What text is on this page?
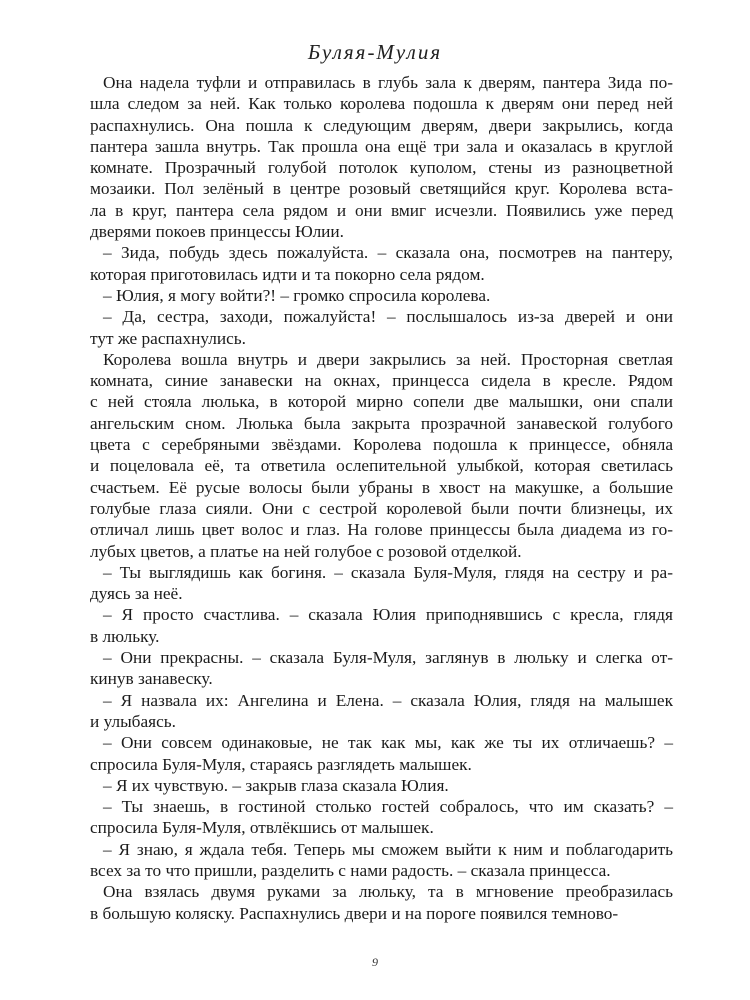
Буляя-Мулия

Она надела туфли и отправилась в глубь зала к дверям, пантера Зида по-
шла следом за ней. Как только королева подошла к дверям они перед ней
распахнулись. Она пошла к следующим дверям, двери закрылись, когда
пантера зашла внутрь. Так прошла она ещё три зала и оказалась в круглой
комнате. Прозрачный голубой потолок куполом, стены из разноцветной
мозаики. Пол зелёный в центре розовый светящийся круг. Королева вста-
ла в круг, пантера села рядом и они вмиг исчезли. Появились уже перед
дверями покоев принцессы Юлии.

– Зида, побудь здесь пожалуйста. – сказала она, посмотрев на пантеру,
которая приготовилась идти и та покорно села рядом.

– Юлия, я могу войти?! – громко спросила королева.

– Да, сестра, заходи, пожалуйста! – послышалось из-за дверей и они
тут же распахнулись.

Королева вошла внутрь и двери закрылись за ней. Просторная светлая
комната, синие занавески на окнах, принцесса сидела в кресле. Рядом
с ней стояла люлька, в которой мирно сопели две малышки, они спали
ангельским сном. Люлька была закрыта прозрачной занавеской голубого
цвета с серебряными звёздами. Королева подошла к принцессе, обняла
и поцеловала её, та ответила ослепительной улыбкой, которая светилась
счастьем. Её русые волосы были убраны в хвост на макушке, а большие
голубые глаза сияли. Они с сестрой королевой были почти близнецы, их
отличал лишь цвет волос и глаз. На голове принцессы была диадема из го-
лубых цветов, а платье на ней голубое с розовой отделкой.

– Ты выглядишь как богиня. – сказала Буля-Муля, глядя на сестру и ра-
дуясь за неё.

– Я просто счастлива. – сказала Юлия приподнявшись с кресла, глядя
в люльку.

– Они прекрасны. – сказала Буля-Муля, заглянув в люльку и слегка от-
кинув занавеску.

– Я назвала их: Ангелина и Елена. – сказала Юлия, глядя на малышек
и улыбаясь.

– Они совсем одинаковые, не так как мы, как же ты их отличаешь? –
спросила Буля-Муля, стараясь разглядеть малышек.

– Я их чувствую. – закрыв глаза сказала Юлия.

– Ты знаешь, в гостиной столько гостей собралось, что им сказать? –
спросила Буля-Муля, отвлёкшись от малышек.

– Я знаю, я ждала тебя. Теперь мы сможем выйти к ним и поблагодарить
всех за то что пришли, разделить с нами радость. – сказала принцесса.

Она взялась двумя руками за люльку, та в мгновение преобразилась
в большую коляску. Распахнулись двери и на пороге появился темново-

9
